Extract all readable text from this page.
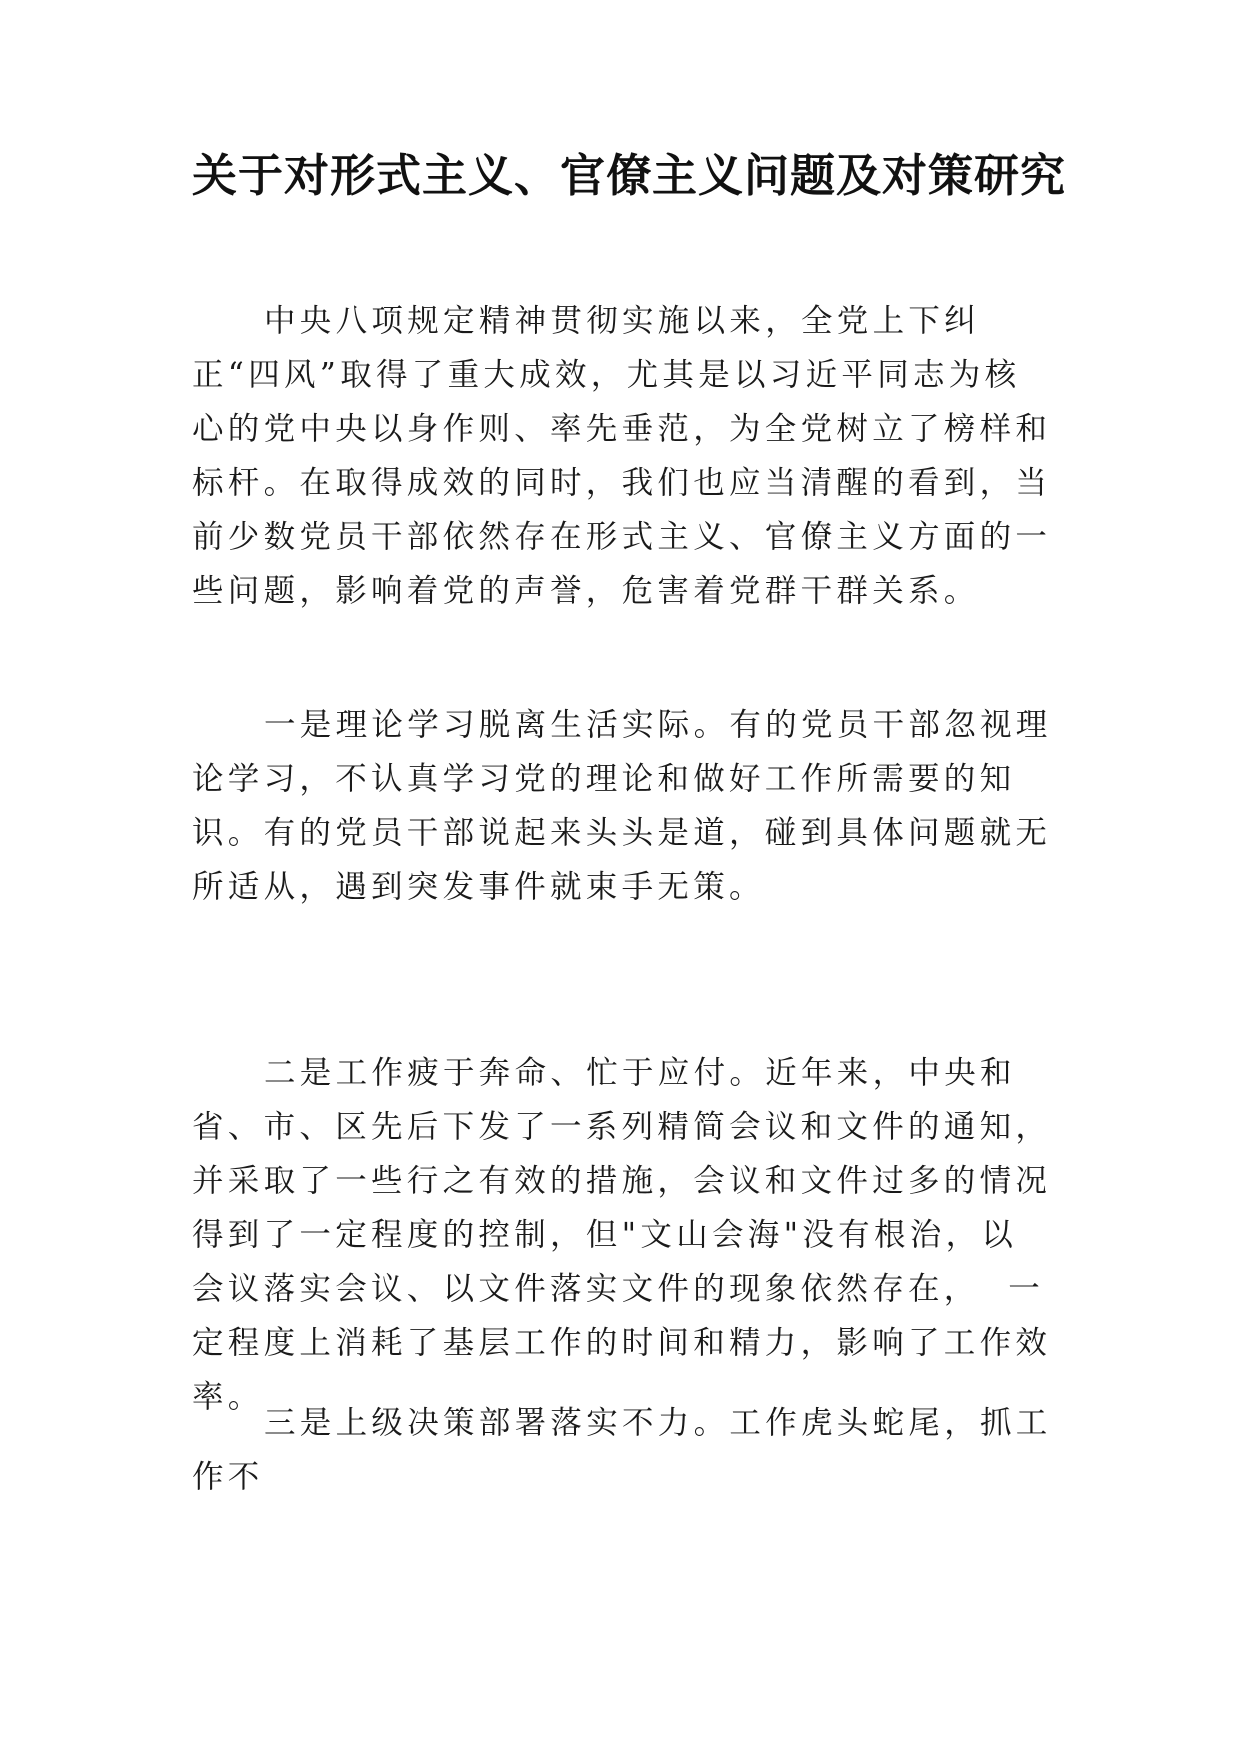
关于对形式主义、官僚主义问题及对策研究

中央八项规定精神贯彻实施以来，全党上下纠正“四风”取得了重大成效，尤其是以习近平同志为核心的党中央以身作则、率先垂范，为全党树立了榜样和标杆。在取得成效的同时，我们也应当清醒的看到，当前少数党员干部依然存在形式主义、官僚主义方面的一些问题，影响着党的声誉，危害着党群干群关系。

一是理论学习脱离生活实际。有的党员干部忽视理论学习，不认真学习党的理论和做好工作所需要的知识。有的党员干部说起来头头是道，碰到具体问题就无所适从，遇到突发事件就束手无策。

二是工作疲于奔命、忙于应付。近年来，中央和省、市、区先后下发了一系列精简会议和文件的通知，并采取了一些行之有效的措施，会议和文件过多的情况得到了一定程度的控制，但"文山会海"没有根治，以会议落实会议、以文件落实文件的现象依然存在，  一定程度上消耗了基层工作的时间和精力，影响了工作效率。

三是上级决策部署落实不力。工作虎头蛇尾，抓工作不
